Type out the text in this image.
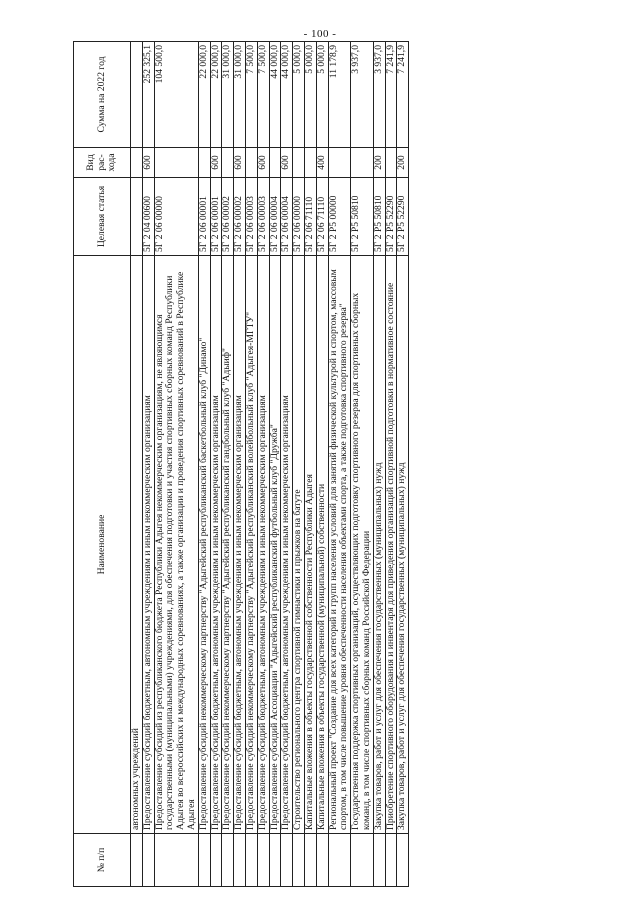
- 100 -
№ п/п	Наименование	Целевая статья	Вид рас-хода	Сумма на 2022 год
	автономных учреждений			
	Предоставление субсидий бюджетным, автономным учреждениям и иным некоммерческим организациям	5Г 2 04 00600	600	252 325,1
	Предоставление субсидий из республиканского бюджета Республики Адыгея некоммерческим организациям, не являющимся государственными (муниципальными) учреждениями, для обеспечения подготовки и участия спортивных сборных команд Республики Адыгея во всероссийских и международных соревнованиях, а также организации и проведения спортивных соревнований в Республике Адыгея	5Г 2 06 00000		104 500,0
	Предоставление субсидий некоммерческому партнерству "Адыгейский республиканский баскетбольный клуб "Динамо"	5Г 2 06 00001		22 000,0
	Предоставление субсидий бюджетным, автономным учреждениям и иным некоммерческим организациям	5Г 2 06 00001	600	22 000,0
	Предоставление субсидий некоммерческому партнерству "Адыгейский республиканский гандбольный клуб "Адыиф"	5Г 2 06 00002		31 000,0
	Предоставление субсидий бюджетным, автономным учреждениям и иным некоммерческим организациям	5Г 2 06 00002	600	31 000,0
	Предоставление субсидий некоммерческому партнерству "Адыгейский республиканский волейбольный клуб "Адыгея-МГТУ"	5Г 2 06 00003		7 500,0
	Предоставление субсидий бюджетным, автономным учреждениям и иным некоммерческим организациям	5Г 2 06 00003	600	7 500,0
	Предоставление субсидий Ассоциации "Адыгейский республиканский футбольный клуб "Дружба"	5Г 2 06 00004		44 000,0
	Предоставление субсидий бюджетным, автономным учреждениям и иным некоммерческим организациям	5Г 2 06 00004	600	44 000,0
	Строительство регионального центра спортивной гимнастики и прыжков на батуте	5Г 2 06 00000		5 000,0
	Капитальные вложения в объекты государственной собственности Республики Адыгея	5Г 2 06 71110		5 000,0
	Капитальные вложения в объекты государственной (муниципальной) собственности	5Г 2 06 71110	400	5 000,0
	Региональный проект "Создание для всех категорий и групп населения условий для занятий физической культурой и спортом, массовым спортом, в том числе повышение уровня обеспеченности населения объектами спорта, а также подготовка спортивного резерва"	5Г 2 P5 00000		11 178,9
	Государственная поддержка спортивных организаций, осуществляющих подготовку спортивного резерва для спортивных сборных команд, в том числе спортивных сборных команд Российской Федерации	5Г 2 P5 50810		3 937,0
	Закупка товаров, работ и услуг для обеспечения государственных (муниципальных) нужд	5Г 2 P5 50810	200	3 937,0
	Приобретение спортивного оборудования и инвентаря для приведения организаций спортивной подготовки в нормативное состояние	5Г 2 P5 52290		7 241,9
	Закупка товаров, работ и услуг для обеспечения государственных (муниципальных) нужд	5Г 2 P5 52290	200	7 241,9
